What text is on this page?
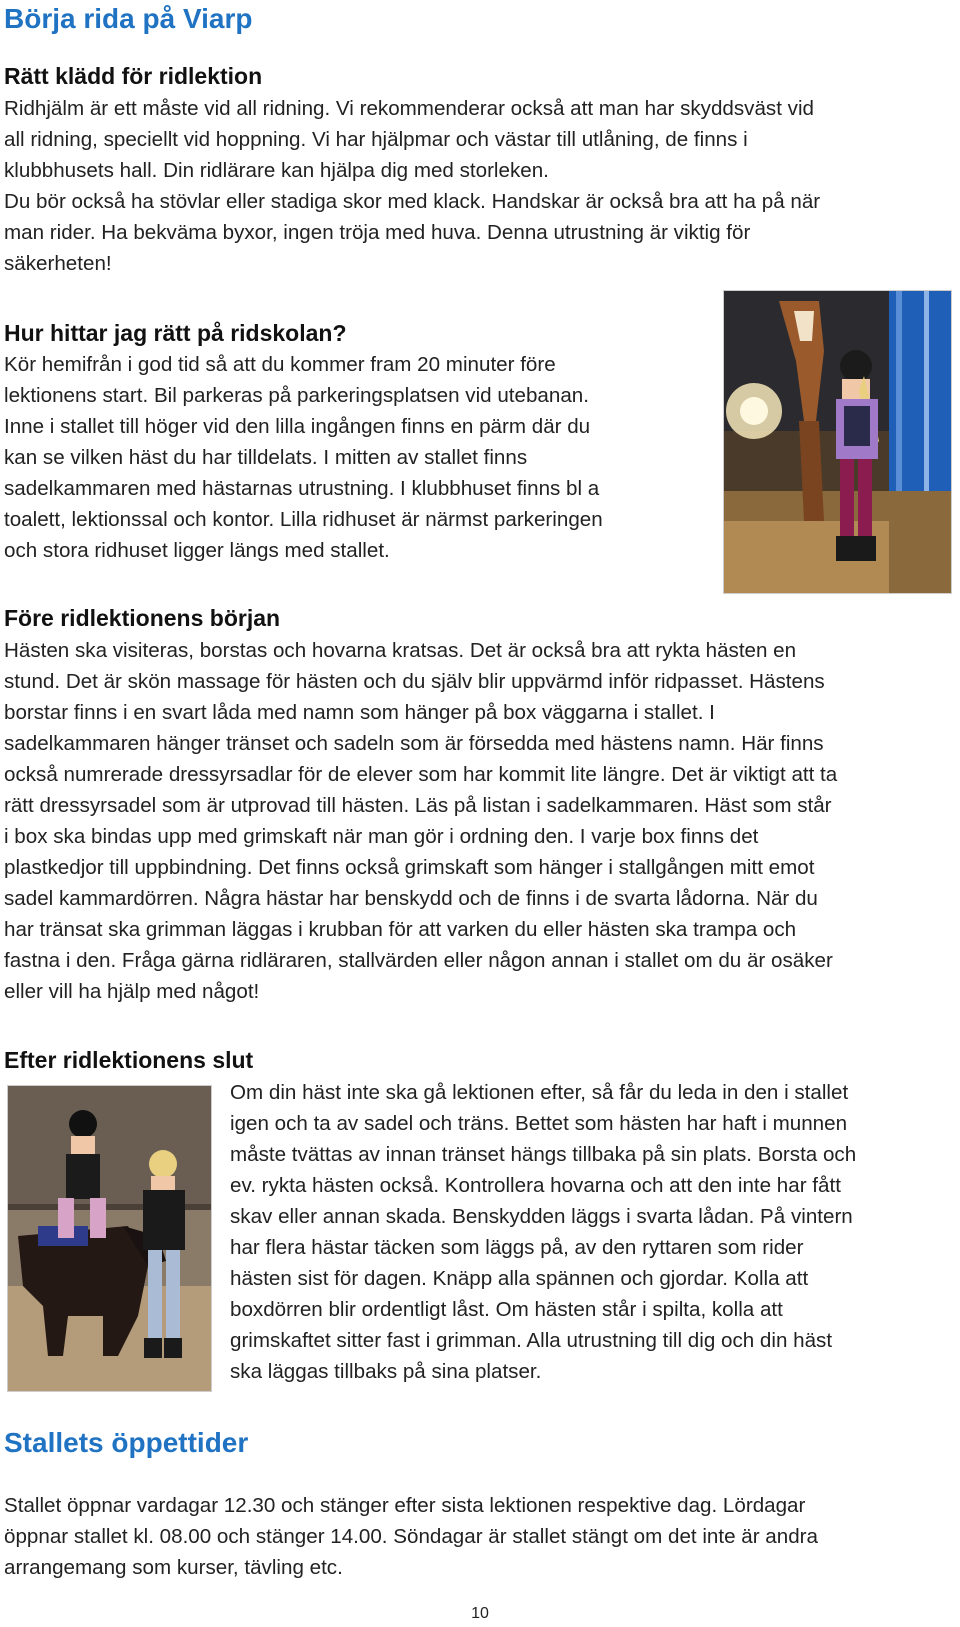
Börja rida på Viarp
Rätt klädd för ridlektion
Ridhjälm är ett måste vid all ridning. Vi rekommenderar också att man har skyddsväst vid
all ridning, speciellt vid hoppning. Vi har hjälpmar och västar till utlåning, de finns i
klubbhusets hall. Din ridlärare kan hjälpa dig med storleken.
Du bör också ha stövlar eller stadiga skor med klack. Handskar är också bra att ha på när
man rider. Ha bekväma byxor, ingen tröja med huva. Denna utrustning är viktig för
säkerheten!
Hur hittar jag rätt på ridskolan?
Kör hemifrån i god tid så att du kommer fram 20 minuter före
lektionens start. Bil parkeras på parkeringsplatsen vid utebanan.
Inne i stallet till höger vid den lilla ingången finns en pärm där du
kan se vilken häst du har tilldelats. I mitten av stallet finns
sadelkammaren med hästarnas utrustning. I klubbhuset finns bl a
toalett, lektionssal och kontor. Lilla ridhuset är närmst parkeringen
och stora ridhuset ligger längs med stallet.
Före ridlektionens början
Hästen ska visiteras, borstas och hovarna kratsas. Det är också bra att rykta hästen en
stund. Det är skön massage för hästen och du själv blir uppvärmd inför ridpasset. Hästens
borstar finns i en svart låda med namn som hänger på box väggarna i stallet. I
sadelkammaren hänger tränset och sadeln som är försedda med hästens namn. Här finns
också numrerade dressyrsadlar för de elever som har kommit lite längre. Det är viktigt att ta
rätt dressyrsadel som är utprovad till hästen. Läs på listan i sadelkammaren. Häst som står
i box ska bindas upp med grimskaft när man gör i ordning den. I varje box finns det
plastkedjor till uppbindning. Det finns också grimskaft som hänger i stallgången mitt emot
sadel kammardörren. Några hästar har benskydd och de finns i de svarta lådorna. När du
har tränsat ska grimman läggas i krubban för att varken du eller hästen ska trampa och
fastna i den. Fråga gärna ridläraren, stallvärden eller någon annan i stallet om du är osäker
eller vill ha hjälp med något!
Efter ridlektionens slut
Om din häst inte ska gå lektionen efter, så får du leda in den i stallet
igen och ta av sadel och träns. Bettet som hästen har haft i munnen
måste tvättas av innan tränset hängs tillbaka på sin plats. Borsta och
ev. rykta hästen också. Kontrollera hovarna och att den inte har fått
skav eller annan skada. Benskydden läggs i svarta lådan. På vintern
har flera hästar täcken som läggs på, av den ryttaren som rider
hästen sist för dagen. Knäpp alla spännen och gjordar. Kolla att
boxdörren blir ordentligt låst. Om hästen står i spilta, kolla att
grimskaftet sitter fast i grimman. Alla utrustning till dig och din häst
ska läggas tillbaks på sina platser.
Stallets öppettider
Stallet öppnar vardagar 12.30 och stänger efter sista lektionen respektive dag. Lördagar
öppnar stallet kl. 08.00 och stänger 14.00. Söndagar är stallet stängt om det inte är andra
arrangemang som kurser, tävling etc.
10
